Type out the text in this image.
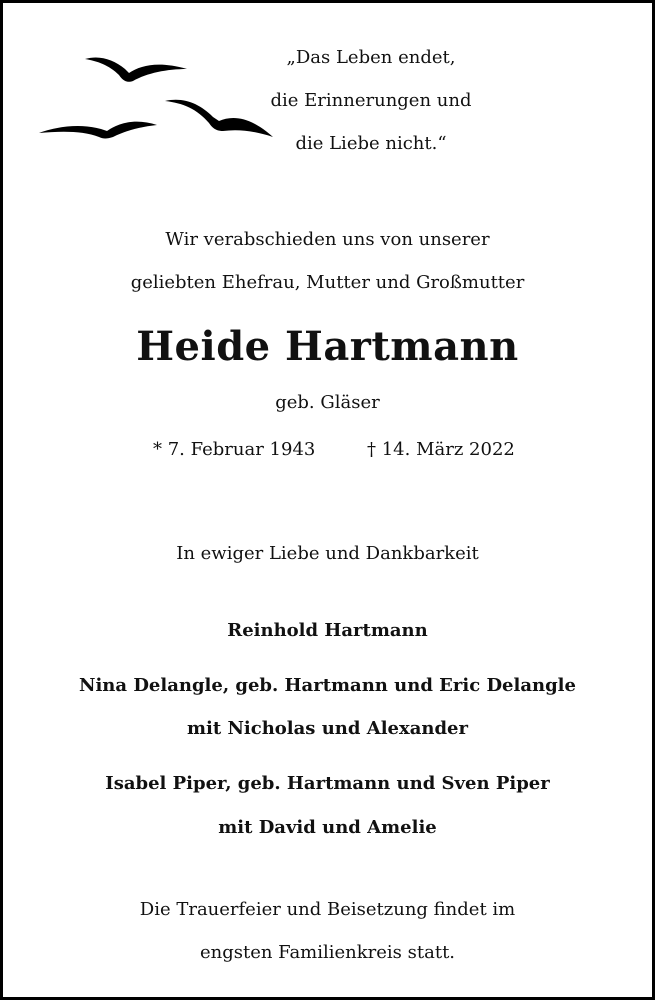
„Das Leben endet,
die Erinnerungen und
die Liebe nicht.“
Wir verabschieden uns von unserer
geliebten Ehefrau, Mutter und Großmutter
Heide Hartmann
geb. Gläser
* 7. Februar 1943	† 14. März 2022
In ewiger Liebe und Dankbarkeit
Reinhold Hartmann
Nina Delangle, geb. Hartmann und Eric Delangle
mit Nicholas und Alexander
Isabel Piper, geb. Hartmann und Sven Piper
mit David und Amelie
Die Trauerfeier und Beisetzung findet im
engsten Familienkreis statt.
